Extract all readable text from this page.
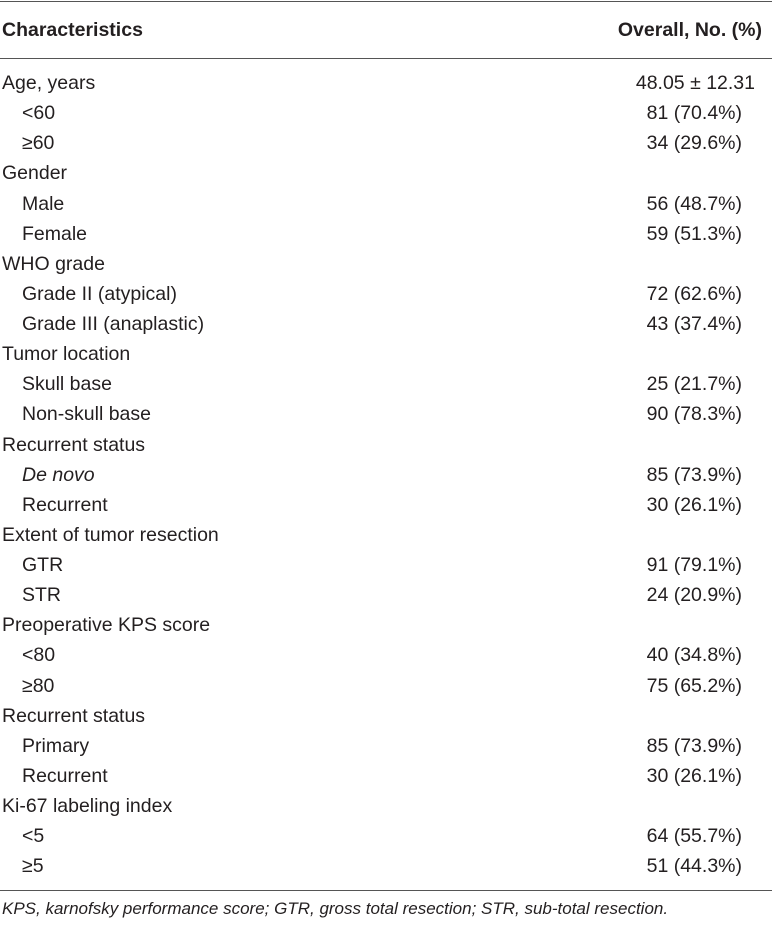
Characteristics	Overall, No. (%)
Age, years	48.05 ± 12.31
<60	81 (70.4%)
≥60	34 (29.6%)
Gender
Male	56 (48.7%)
Female	59 (51.3%)
WHO grade
Grade II (atypical)	72 (62.6%)
Grade III (anaplastic)	43 (37.4%)
Tumor location
Skull base	25 (21.7%)
Non-skull base	90 (78.3%)
Recurrent status
De novo	85 (73.9%)
Recurrent	30 (26.1%)
Extent of tumor resection
GTR	91 (79.1%)
STR	24 (20.9%)
Preoperative KPS score
<80	40 (34.8%)
≥80	75 (65.2%)
Recurrent status
Primary	85 (73.9%)
Recurrent	30 (26.1%)
Ki-67 labeling index
<5	64 (55.7%)
≥5	51 (44.3%)
KPS, karnofsky performance score; GTR, gross total resection; STR, sub-total resection.
